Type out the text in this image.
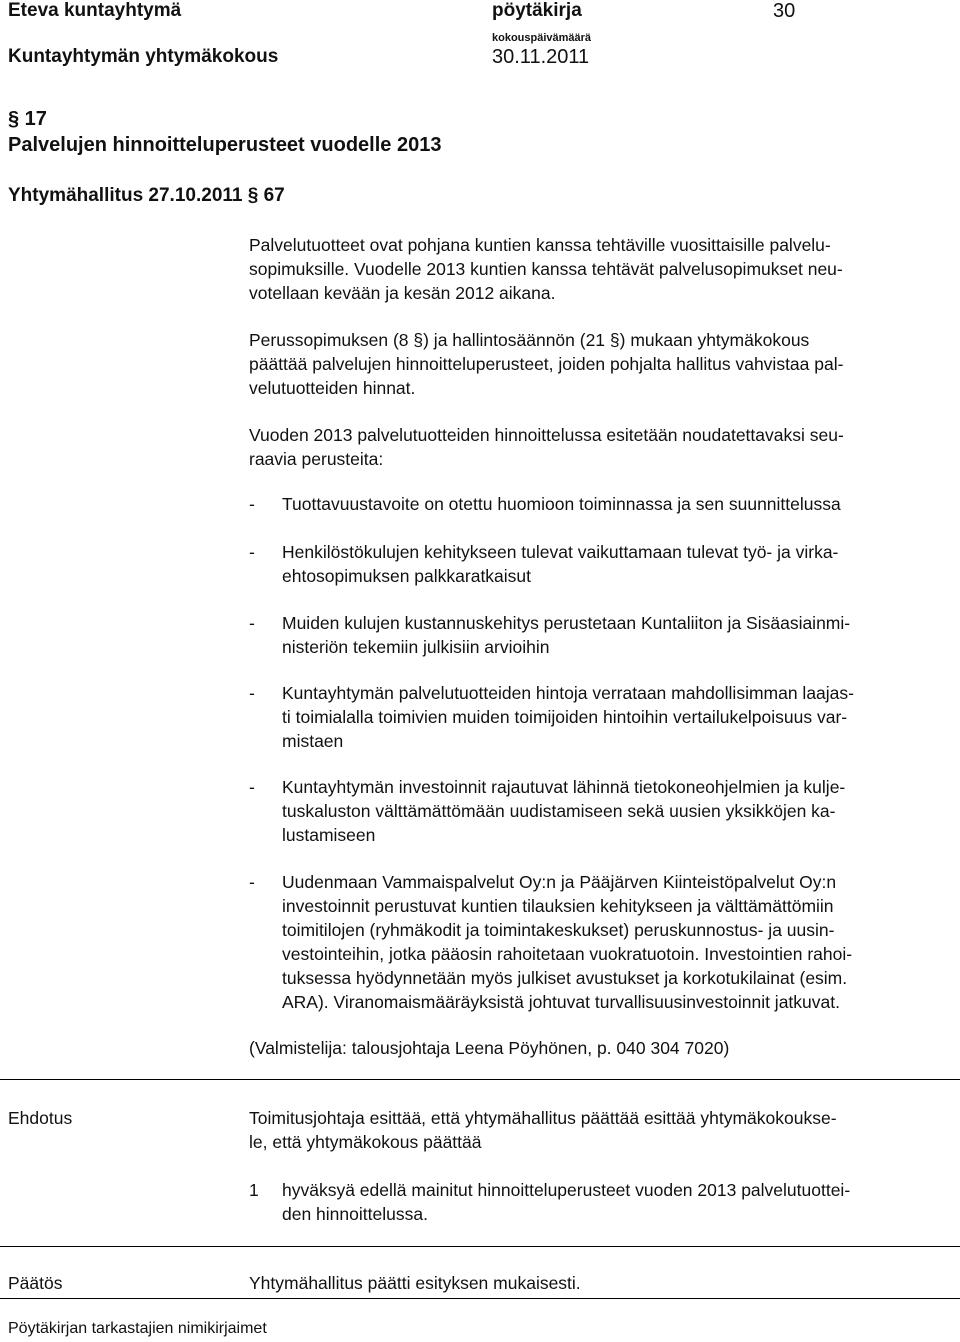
Eteva kuntayhtymä	pöytäkirja	30
Kuntayhtymän yhtymäkokous
kokouspäivämäärä
30.11.2011
§ 17
Palvelujen hinnoitteluperusteet vuodelle 2013
Yhtymähallitus 27.10.2011 § 67
Palvelutuotteet ovat pohjana kuntien kanssa tehtäville vuosittaisille palvelu-
sopimuksille. Vuodelle 2013 kuntien kanssa tehtävät palvelusopimukset neu-
votellaan kevään ja kesän 2012 aikana.
Perussopimuksen (8 §) ja hallintosäännön (21 §) mukaan yhtymäkokous
päättää palvelujen hinnoitteluperusteet, joiden pohjalta hallitus vahvistaa pal-
velutuotteiden hinnat.
Vuoden 2013 palvelutuotteiden hinnoittelussa esitetään noudatettavaksi seu-
raavia perusteita:
- Tuottavuustavoite on otettu huomioon toiminnassa ja sen suunnittelussa
- Henkilöstökulujen kehitykseen tulevat vaikuttamaan tulevat työ- ja virka-
ehtosopimuksen palkkaratkaisut
- Muiden kulujen kustannuskehitys perustetaan Kuntaliiton ja Sisäasiainmi-
nisteriön tekemiin julkisiin arvioihin
- Kuntayhtymän palvelutuotteiden hintoja verrataan mahdollisimman laajas-
ti toimialalla toimivien muiden toimijoiden hintoihin vertailukelpoisuus var-
mistaen
- Kuntayhtymän investoinnit rajautuvat lähinnä tietokoneohjelmien ja kulje-
tuskaluston välttämättömään uudistamiseen sekä uusien yksikköjen ka-
lustamiseen
- Uudenmaan Vammaispalvelut Oy:n ja Pääjärven Kiinteistöpalvelut Oy:n
investoinnit perustuvat kuntien tilauksien kehitykseen ja välttämättömiin
toimitilojen (ryhmäkodit ja toimintakeskukset) peruskunnostus- ja uusin-
vestointeihin, jotka pääosin rahoitetaan vuokratuotoin. Investointien rahoi-
tuksessa hyödynnetään myös julkiset avustukset ja korkotukilainat (esim.
ARA). Viranomaismääräyksistä johtuvat turvallisuusinvestoinnit jatkuvat.
(Valmistelija: talousjohtaja Leena Pöyhönen, p. 040 304 7020)
Ehdotus	Toimitusjohtaja esittää, että yhtymähallitus päättää esittää yhtymäkokoukse-
le, että yhtymäkokous päättää
1 hyväksyä edellä mainitut hinnoitteluperusteet vuoden 2013 palvelutuottei-
den hinnoittelussa.
Päätös	Yhtymähallitus päätti esityksen mukaisesti.
Pöytäkirjan tarkastajien nimikirjaimet
